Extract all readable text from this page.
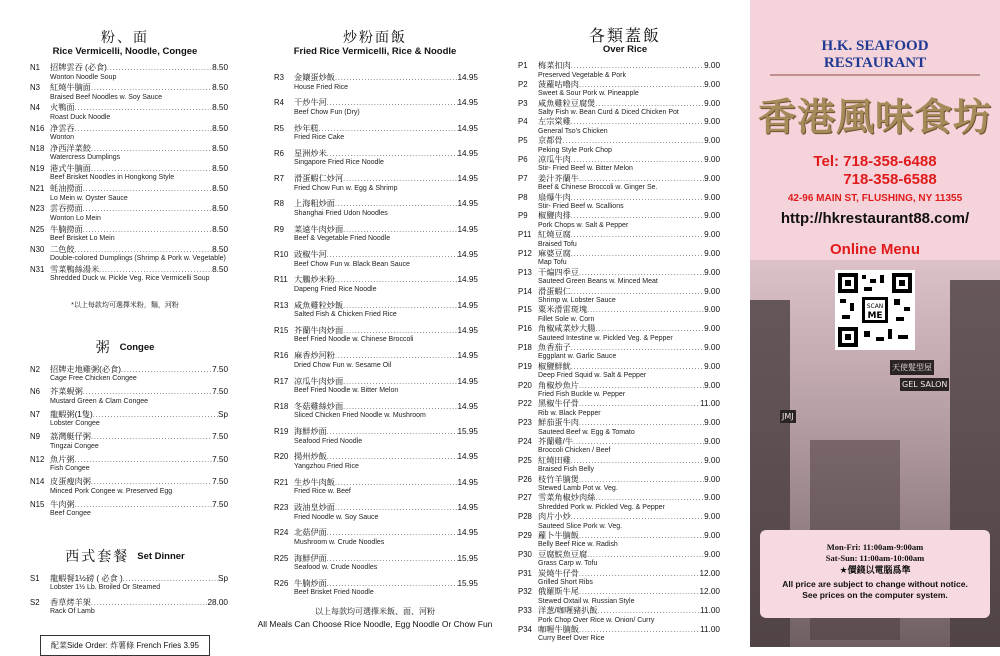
粉、面
Rice Vermicelli, Noodle, Congee
N1	招牌雲吞 (必食) .....	8.50
Wonton Noodle Soup
N3	紅燒牛腩面 .....	8.50
Braised Beef Noodles w. Soy Sauce
N4	火鴨面 .....	8.50
Roast Duck Noodle
N16 净雲吞 .....	8.50
Wonton
N18 净西洋菜餃 .....	8.50
Watercress Dumplings
N19 港式牛腩面 .....	8.50
Beef Brisket Noodles in Hongkong Style
N21 蚝油撈面 .....	8.50
Lo Mein w. Oyster Sauce
N23 雲吞撈面 .....	8.50
Wonton Lo Mein
N25 牛腩撈面 .....	8.50
Beef Brisket Lo Mein
N30 二色餃 .....	8.50
Double-colored Dumplings (Shrimp & Pork w. Vegetable)
N31 雪菜鴨絲湯米 .....	8.50
Shredded Duck w. Pickle Veg. Rice Vermicelli Soup
*以上每款均可選擇米粉，麵，河粉
粥 Congee
N2	招牌走地雞粥(必食) .....	7.50
Cage Free Chicken Congee
N6	芥菜蜆粥 .....	7.50
Mustard Green & Clam Congee
N7	龍蝦粥(1隻) .....	Sp
Lobster Congee
N9	荔灣艇仔粥 .....	7.50
Tingzai Congee
N12 魚片粥 .....	7.50
Fish Congee
N14 皮蛋瘦肉粥 .....	7.50
Minced Pork Congee w. Preserved Egg
N15 牛肉粥 .....	7.50
Beef Congee
西式套餐 Set Dinner
S1	龍蝦餐1½磅 ( 必食 ) .....	Sp
Lobster 1½ Lb. Broiled Or Steamed
S2	香草烤羊架 .....	28.00
Rack Of Lamb
配菜Side Order: 炸薯條 French Fries 3.95
炒粉面飯
Fried Rice Vermicelli, Rice & Noodle
R3	金鑲蛋炒飯 .....	14.95
House Fried Rice
R4	干炒牛河 .....	14.95
Beef Chow Fun (Dry)
R5	炒年糕 .....	14.95
Fried Rice Cake
R6	星洲炒米 .....	14.95
Singapore Fried Rice Noodle
R7	滑蛋蝦仁炒河 .....	14.95
Fried Chow Fun w. Egg & Shrimp
R8	上海粗炒面 .....	14.95
Shanghai Fried Udon Noodles
R9	菜遠牛肉炒面 .....	14.95
Beef & Vegetable Fried Noodle
R10 豉椒牛河 .....	14.95
Beef Chow Fun w. Black Bean Sauce
R11 大鵬炒米粉 .....	14.95
Dapeng Fried Rice Noodle
R13 咸魚雞粒炒飯 .....	14.95
Salted Fish & Chicken Fried Rice
R15 芥蘭牛肉炒面 .....	14.95
Beef Fried Noodle w. Chinese Broccoli
R16 麻香炒河粉 .....	14.95
Dried Chow Fun w. Sesame Oil
R17 凉瓜牛肉炒面 .....	14.95
Beef Fried Noodle w. Bitter Melon
R18 冬菇雞絲炒面 .....	14.95
Sliced Chicken Fried Noodle w. Mushroom
R19 海鮮炒面 .....	15.95
Seafood Fried Noodle
R20 揚州炒飯 .....	14.95
Yangzhou Fried Rice
R21 生炒牛肉飯 .....	14.95
Fried Rice w. Beef
R23 豉油皇炒面 .....	14.95
Fried Noodle w. Soy Sauce
R24 北菇伊面 .....	14.95
Mushroom w. Crude Noodles
R25 海鮮伊面 .....	15.95
Seafood w. Crude Noodles
R26 牛腩炒面 .....	15.95
Beef Brisket Fried Noodle
以上每款均可選擇米飯、面、河粉
All Meals Can Choose Rice Noodle, Egg Noodle Or Chow Fun
各類蓋飯
Over Rice
P1	梅菜扣肉 .....	9.00
Preserved Vegetable & Pork
P2	菠蘿咕嚕肉 .....	9.00
Sweet & Sour Pork w. Pineapple
P3	咸魚雞粒豆腐煲 .....	9.00
Salty Fish w. Bean Curd & Diced Chicken Pot
P4	左宗棠雞 .....	9.00
General Tso's Chicken
P5	京都骨 .....	9.00
Peking Style Pork Chop
P6	凉瓜牛肉 .....	9.00
Stir- Fried Beef w. Bitter Melon
P7	姜汁芥蘭牛 .....	9.00
Beef & Chinese Broccoli w. Ginger Se.
P8	扇爆牛肉 .....	9.00
Stir- Fried Beef w. Scallions
P9	椒鹽肉排 .....	9.00
Pork Chops w. Salt & Pepper
P11 紅燒豆腐 .....	9.00
Braised Tofu
P12 麻婆豆腐 .....	9.00
Map Tofu
P13 干煸四季豆 .....	9.00
Sauteed Green Beans w. Minced Meat
P14 滑蛋蝦仁 .....	9.00
Shrimp w. Lobster Sauce
P15 粟米滑雷斑塊 .....	9.00
Fillet Sole w. Corn
P16 角椒咸菜炒大腸 .....	9.00
Sauteed Intestine w. Pickled Veg. & Pepper
P18 魚香茄子 .....	9.00
Eggplant w. Garlic Sauce
P19 椒鹽鮮魷 .....	9.00
Deep Fried Squid w. Salt & Pepper
P20 角椒炒魚片 .....	9.00
Fried Fish Buckle w. Pepper
P22 黑椒牛仔骨 .....	11.00
Rib w. Black Pepper
P23 鮮茄蛋牛肉 .....	9.00
Sauteed Beef w. Egg & Tomato
P24 芥蘭雞/牛 .....	9.00
Broccoli Chicken / Beef
P25 紅燒田雞 .....	9.00
Braised Fish Belly
P26 枝竹羊腩煲 .....	9.00
Stewed Lamb Pot w. Veg.
P27 雪菜角椒炒肉絲 .....	9.00
Shredded Pork w. Pickled Veg. & Pepper
P28 肉片小炒 .....	9.00
Sauteed Slice Pork w. Veg.
P29 蘿卜牛腩飯 .....	9.00
Belly Beef Rice w. Radish
P30 豆腐鯇魚豆腐 .....	9.00
Grass Carp w. Tofu
P31 炭燒牛仔骨 .....	12.00
Grilled Short Ribs
P32 俄羅斯牛尾 .....	12.00
Stewed Oxtail w. Russian Style
P33 洋葱/咖喱豬扒飯 .....	11.00
Pork Chop Over Rice w. Onion/ Curry
P34 咖喱牛腩飯 .....	11.00
Curry Beef Over Rice
天使髮型屋
GEL SALON
JMJ
H.K. SEAFOOD RESTAURANT
香港風味食坊
Tel: 718-358-6488
718-358-6588
42-96 MAIN ST, FLUSHING, NY 11355
http://hkrestaurant88.com/
Online Menu
SCAN
ME
Mon-Fri: 11:00am-9:00am
Sat-Sun: 11:00am-10:00am
★價錢以電腦爲準
All price are subject to change without notice.
See prices on the computer system.
